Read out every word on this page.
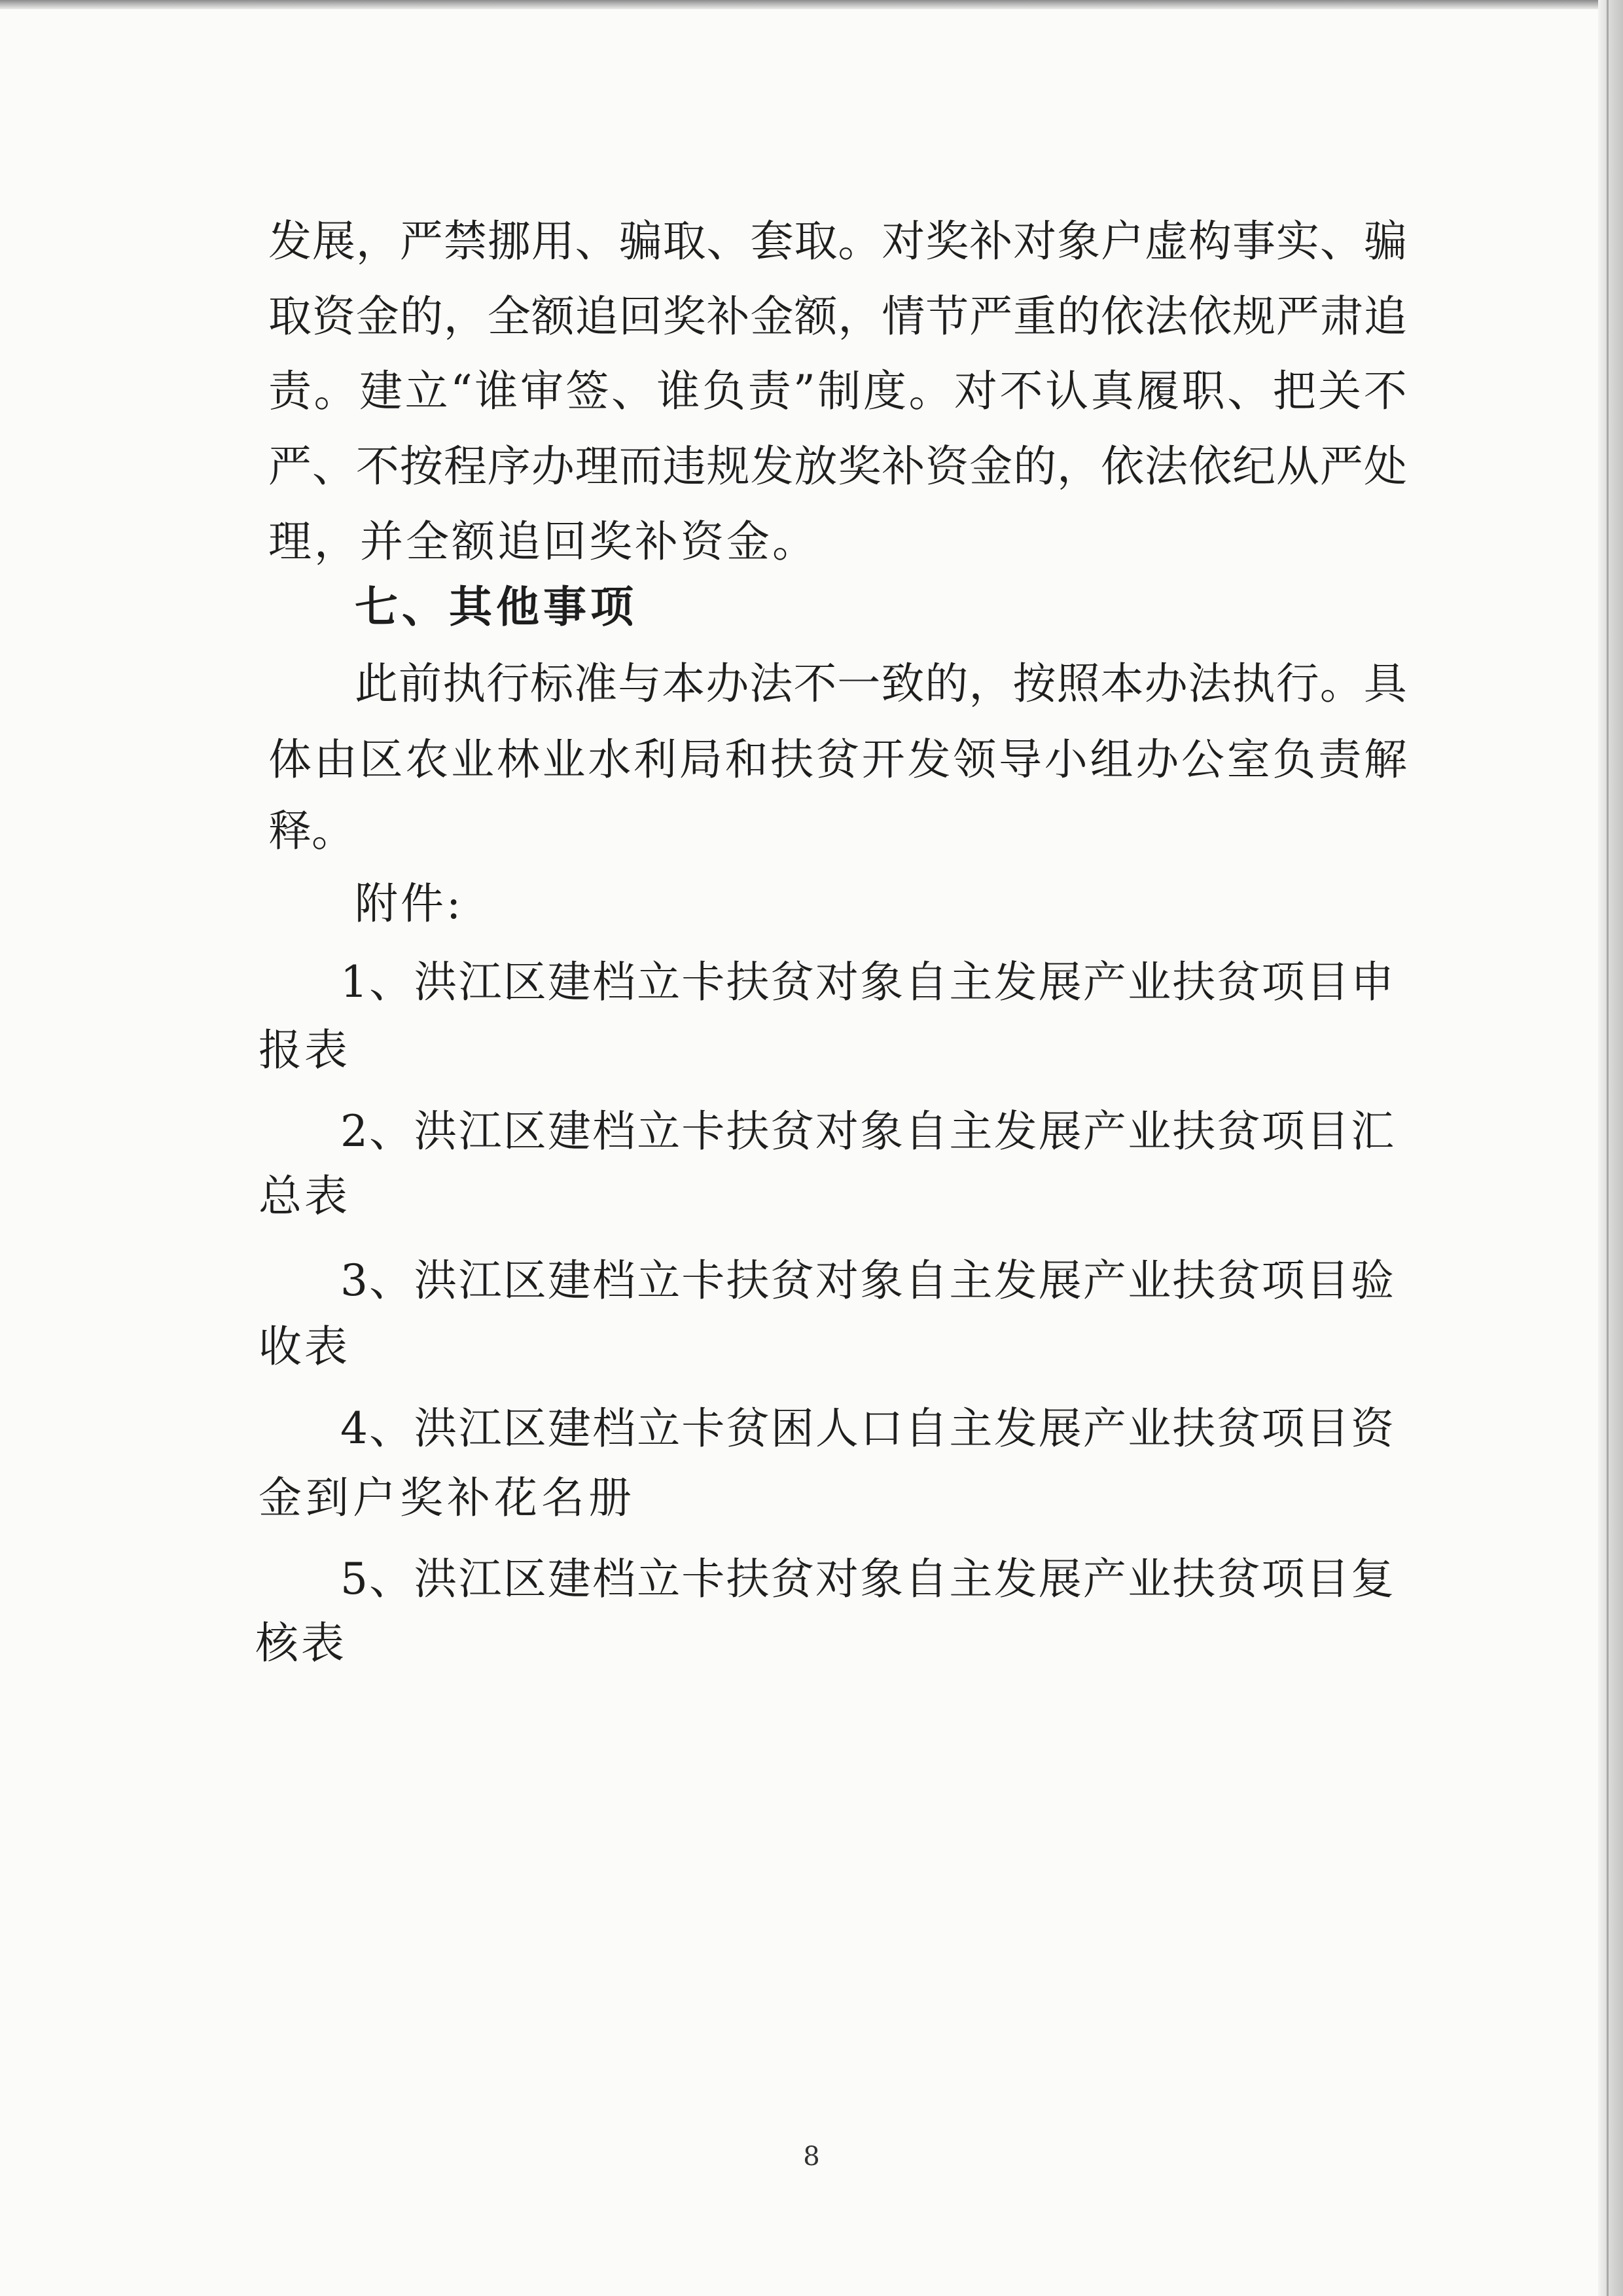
发 展 ， 严 禁 挪 用 、 骗 取 、 套 取 。 对 奖 补 对 象 户 虚 构 事 实 、 骗
取 资 金 的 ， 全 额 追 回 奖 补 金 额 ， 情 节 严 重 的 依 法 依 规 严 肃 追
责 。 建 立 “ 谁 审 签 、 谁 负 责 ” 制 度 。 对 不 认 真 履 职 、 把 关 不
严 、 不 按 程 序 办 理 而 违 规 发 放 奖 补 资 金 的 ， 依 法 依 纪 从 严 处
理，并全额追回奖补资金。
七、其他事项
此 前 执 行 标 准 与 本 办 法 不 一 致 的 ， 按 照 本 办 法 执 行 。 具
体 由 区 农 业 林 业 水 利 局 和 扶 贫 开 发 领 导 小 组 办 公 室 负 责 解
释。
附件:
1 、 洪 江 区 建 档 立 卡 扶 贫 对 象 自 主 发 展 产 业 扶 贫 项 目 申
报表
2 、 洪 江 区 建 档 立 卡 扶 贫 对 象 自 主 发 展 产 业 扶 贫 项 目 汇
总表
3 、 洪 江 区 建 档 立 卡 扶 贫 对 象 自 主 发 展 产 业 扶 贫 项 目 验
收表
4 、 洪 江 区 建 档 立 卡 贫 困 人 口 自 主 发 展 产 业 扶 贫 项 目 资
金到户奖补花名册
5 、 洪 江 区 建 档 立 卡 扶 贫 对 象 自 主 发 展 产 业 扶 贫 项 目 复
核表
8
